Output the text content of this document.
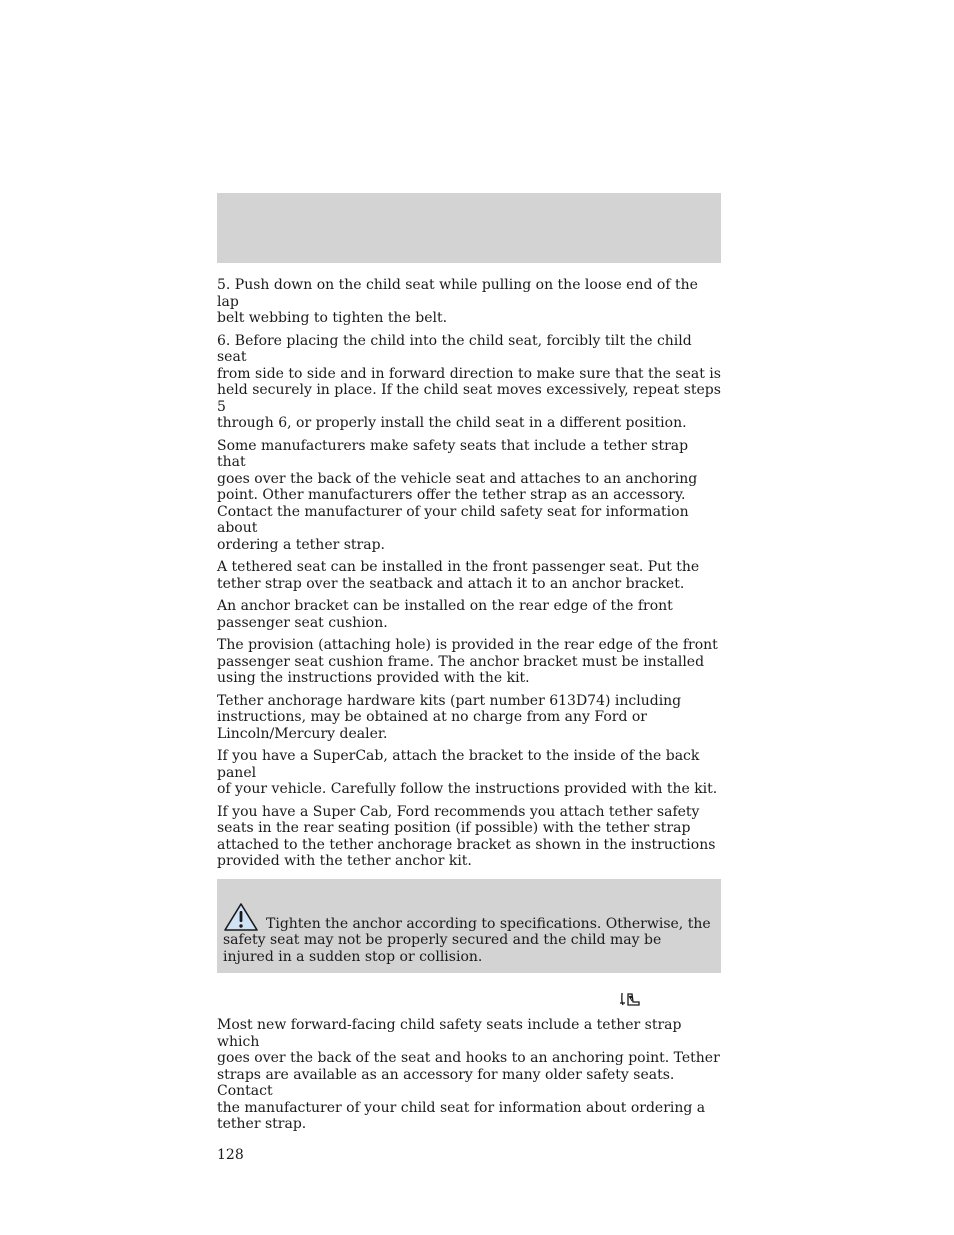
5. Push down on the child seat while pulling on the loose end of the lap
belt webbing to tighten the belt.

6. Before placing the child into the child seat, forcibly tilt the child seat
from side to side and in forward direction to make sure that the seat is
held securely in place. If the child seat moves excessively, repeat steps 5
through 6, or properly install the child seat in a different position.

Some manufacturers make safety seats that include a tether strap that
goes over the back of the vehicle seat and attaches to an anchoring
point. Other manufacturers offer the tether strap as an accessory.
Contact the manufacturer of your child safety seat for information about
ordering a tether strap.

A tethered seat can be installed in the front passenger seat. Put the
tether strap over the seatback and attach it to an anchor bracket.

An anchor bracket can be installed on the rear edge of the front
passenger seat cushion.

The provision (attaching hole) is provided in the rear edge of the front
passenger seat cushion frame. The anchor bracket must be installed
using the instructions provided with the kit.

Tether anchorage hardware kits (part number 613D74) including
instructions, may be obtained at no charge from any Ford or
Lincoln/Mercury dealer.

If you have a SuperCab, attach the bracket to the inside of the back panel
of your vehicle. Carefully follow the instructions provided with the kit.

If you have a Super Cab, Ford recommends you attach tether safety
seats in the rear seating position (if possible) with the tether strap
attached to the tether anchorage bracket as shown in the instructions
provided with the tether anchor kit.

Tighten the anchor according to specifications. Otherwise, the
safety seat may not be properly secured and the child may be
injured in a sudden stop or collision.

Most new forward-facing child safety seats include a tether strap which
goes over the back of the seat and hooks to an anchoring point. Tether
straps are available as an accessory for many older safety seats. Contact
the manufacturer of your child seat for information about ordering a
tether strap.

128
